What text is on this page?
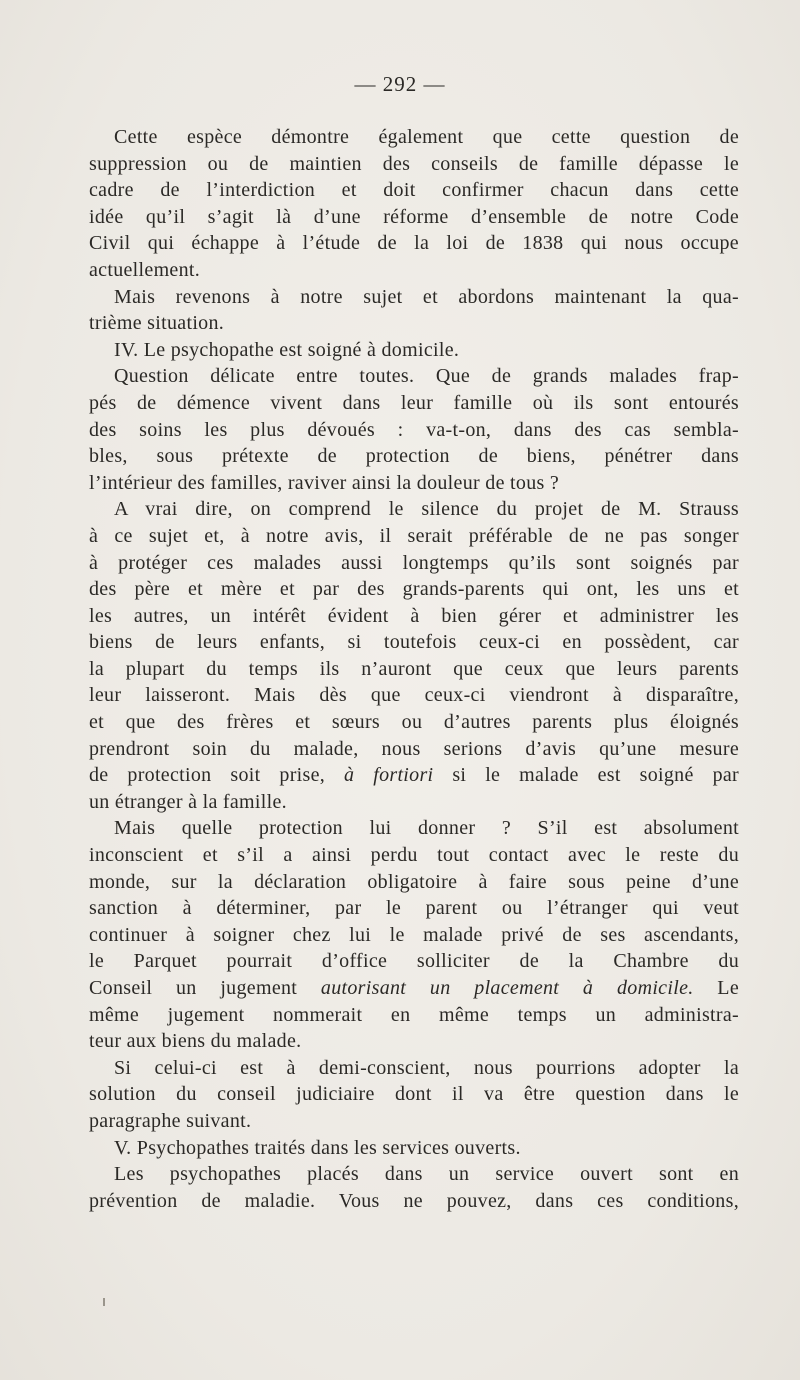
— 292 —
Cette espèce démontre également que cette question de
suppression ou de maintien des conseils de famille dépasse le
cadre de l’interdiction et doit confirmer chacun dans cette
idée qu’il s’agit là d’une réforme d’ensemble de notre Code
Civil qui échappe à l’étude de la loi de 1838 qui nous occupe
actuellement.
Mais revenons à notre sujet et abordons maintenant la qua-
trième situation.
IV. Le psychopathe est soigné à domicile.
Question délicate entre toutes. Que de grands malades frap-
pés de démence vivent dans leur famille où ils sont entourés
des soins les plus dévoués : va-t-on, dans des cas sembla-
bles, sous prétexte de protection de biens, pénétrer dans
l’intérieur des familles, raviver ainsi la douleur de tous ?
A vrai dire, on comprend le silence du projet de M. Strauss
à ce sujet et, à notre avis, il serait préférable de ne pas songer
à protéger ces malades aussi longtemps qu’ils sont soignés par
des père et mère et par des grands-parents qui ont, les uns et
les autres, un intérêt évident à bien gérer et administrer les
biens de leurs enfants, si toutefois ceux-ci en possèdent, car
la plupart du temps ils n’auront que ceux que leurs parents
leur laisseront. Mais dès que ceux-ci viendront à disparaître,
et que des frères et sœurs ou d’autres parents plus éloignés
prendront soin du malade, nous serions d’avis qu’une mesure
de protection soit prise, à fortiori si le malade est soigné par
un étranger à la famille.
Mais quelle protection lui donner ? S’il est absolument
inconscient et s’il a ainsi perdu tout contact avec le reste du
monde, sur la déclaration obligatoire à faire sous peine d’une
sanction à déterminer, par le parent ou l’étranger qui veut
continuer à soigner chez lui le malade privé de ses ascendants,
le Parquet pourrait d’office solliciter de la Chambre du
Conseil un jugement autorisant un placement à domicile. Le
même jugement nommerait en même temps un administra-
teur aux biens du malade.
Si celui-ci est à demi-conscient, nous pourrions adopter la
solution du conseil judiciaire dont il va être question dans le
paragraphe suivant.
V. Psychopathes traités dans les services ouverts.
Les psychopathes placés dans un service ouvert sont en
prévention de maladie. Vous ne pouvez, dans ces conditions,
